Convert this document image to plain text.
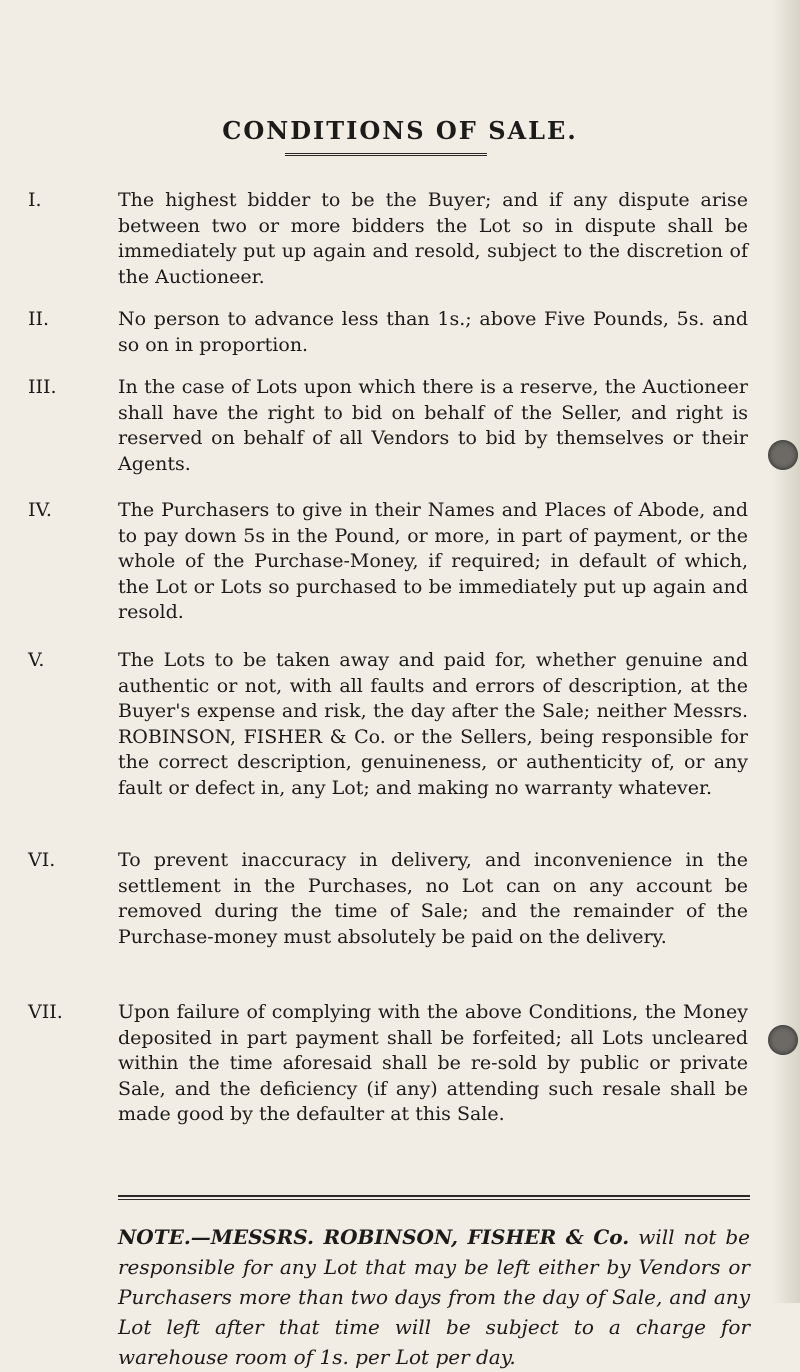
CONDITIONS OF SALE.
I.	The highest bidder to be the Buyer; and if any dispute arise between two or more bidders the Lot so in dispute shall be immediately put up again and resold, subject to the discretion of the Auctioneer.
II.	No person to advance less than 1s.; above Five Pounds, 5s. and so on in proportion.
III.	In the case of Lots upon which there is a reserve, the Auctioneer shall have the right to bid on behalf of the Seller, and right is reserved on behalf of all Vendors to bid by themselves or their Agents.
IV.	The Purchasers to give in their Names and Places of Abode, and to pay down 5s in the Pound, or more, in part of payment, or the whole of the Purchase-Money, if required; in default of which, the Lot or Lots so purchased to be immediately put up again and resold.
V.	The Lots to be taken away and paid for, whether genuine and authentic or not, with all faults and errors of description, at the Buyer's expense and risk, the day after the Sale; neither Messrs. ROBINSON, FISHER & Co. or the Sellers, being responsible for the correct description, genuineness, or authenticity of, or any fault or defect in, any Lot; and making no warranty whatever.
VI.	To prevent inaccuracy in delivery, and inconvenience in the settlement in the Purchases, no Lot can on any account be removed during the time of Sale; and the remainder of the Purchase-money must absolutely be paid on the delivery.
VII.	Upon failure of complying with the above Conditions, the Money deposited in part payment shall be forfeited; all Lots uncleared within the time aforesaid shall be re-sold by public or private Sale, and the deficiency (if any) attending such resale shall be made good by the defaulter at this Sale.
NOTE.—MESSRS. ROBINSON, FISHER & Co. will not be responsible for any Lot that may be left either by Vendors or Purchasers more than two days from the day of Sale, and any Lot left after that time will be subject to a charge for warehouse room of 1s. per Lot per day.
